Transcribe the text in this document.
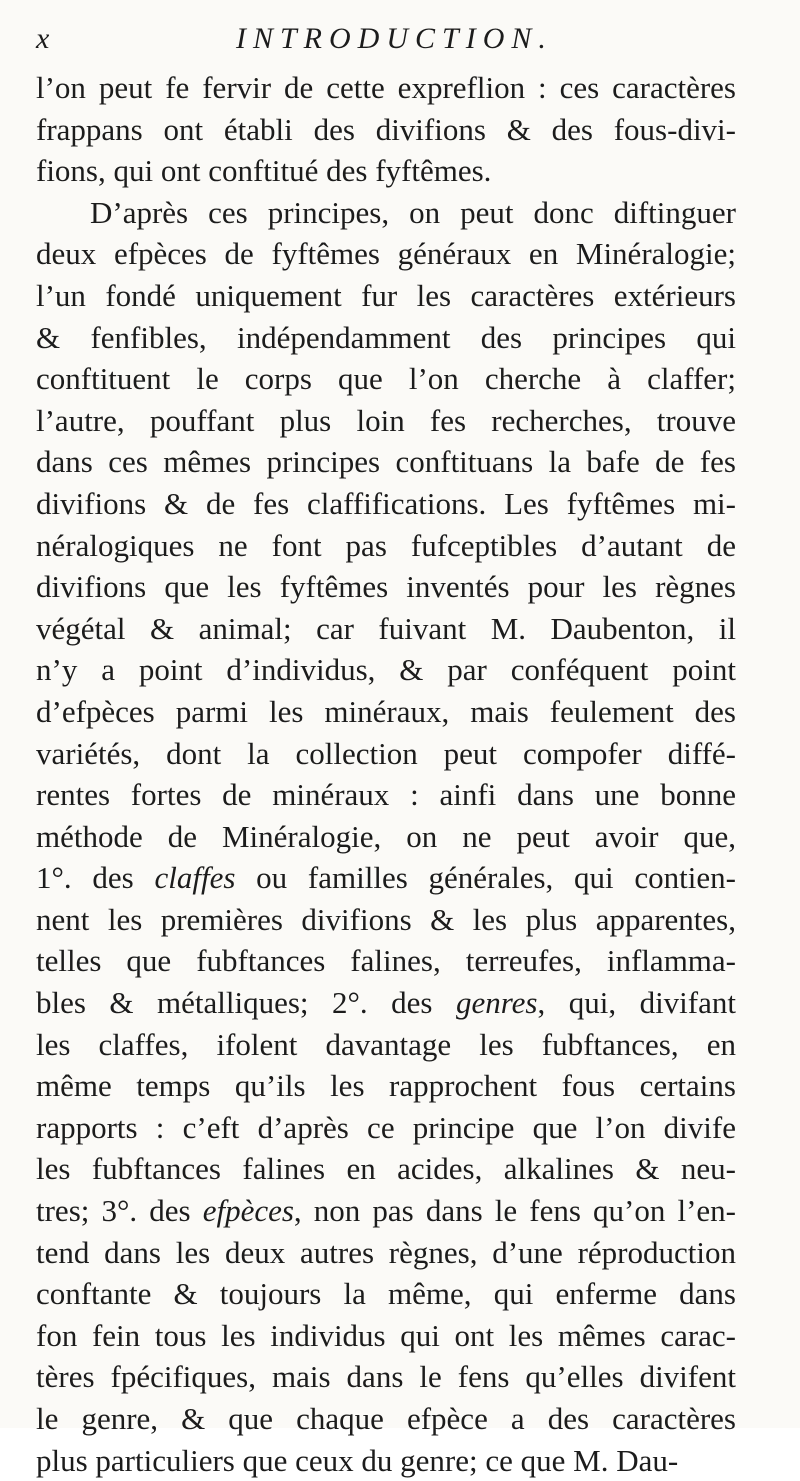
x	INTRODUCTION.
l’on peut fe fervir de cette expreflion : ces caractères
frappans ont établi des divifions & des fous-divi-
fions, qui ont conftitué des fyftêmes.
D’après ces principes, on peut donc diftinguer
deux efpèces de fyftêmes généraux en Minéralogie;
l’un fondé uniquement fur les caractères extérieurs
& fenfibles, indépendamment des principes qui
conftituent le corps que l’on cherche à claffer;
l’autre, pouffant plus loin fes recherches, trouve
dans ces mêmes principes conftituans la bafe de fes
divifions & de fes claffifications. Les fyftêmes mi-
néralogiques ne font pas fufceptibles d’autant de
divifions que les fyftêmes inventés pour les règnes
végétal & animal; car fuivant M. Daubenton, il
n’y a point d’individus, & par conféquent point
d’efpèces parmi les minéraux, mais feulement des
variétés, dont la collection peut compofer diffé-
rentes fortes de minéraux : ainfi dans une bonne
méthode de Minéralogie, on ne peut avoir que,
1°. des claffes ou familles générales, qui contien-
nent les premières divifions & les plus apparentes,
telles que fubftances falines, terreufes, inflamma-
bles & métalliques; 2°. des genres, qui, divifant
les claffes, ifolent davantage les fubftances, en
même temps qu’ils les rapprochent fous certains
rapports : c’eft d’après ce principe que l’on divife
les fubftances falines en acides, alkalines & neu-
tres; 3°. des efpèces, non pas dans le fens qu’on l’en-
tend dans les deux autres règnes, d’une réproduction
conftante & toujours la même, qui enferme dans
fon fein tous les individus qui ont les mêmes carac-
tères fpécifiques, mais dans le fens qu’elles divifent
le genre, & que chaque efpèce a des caractères
plus particuliers que ceux du genre; ce que M. Dau-
